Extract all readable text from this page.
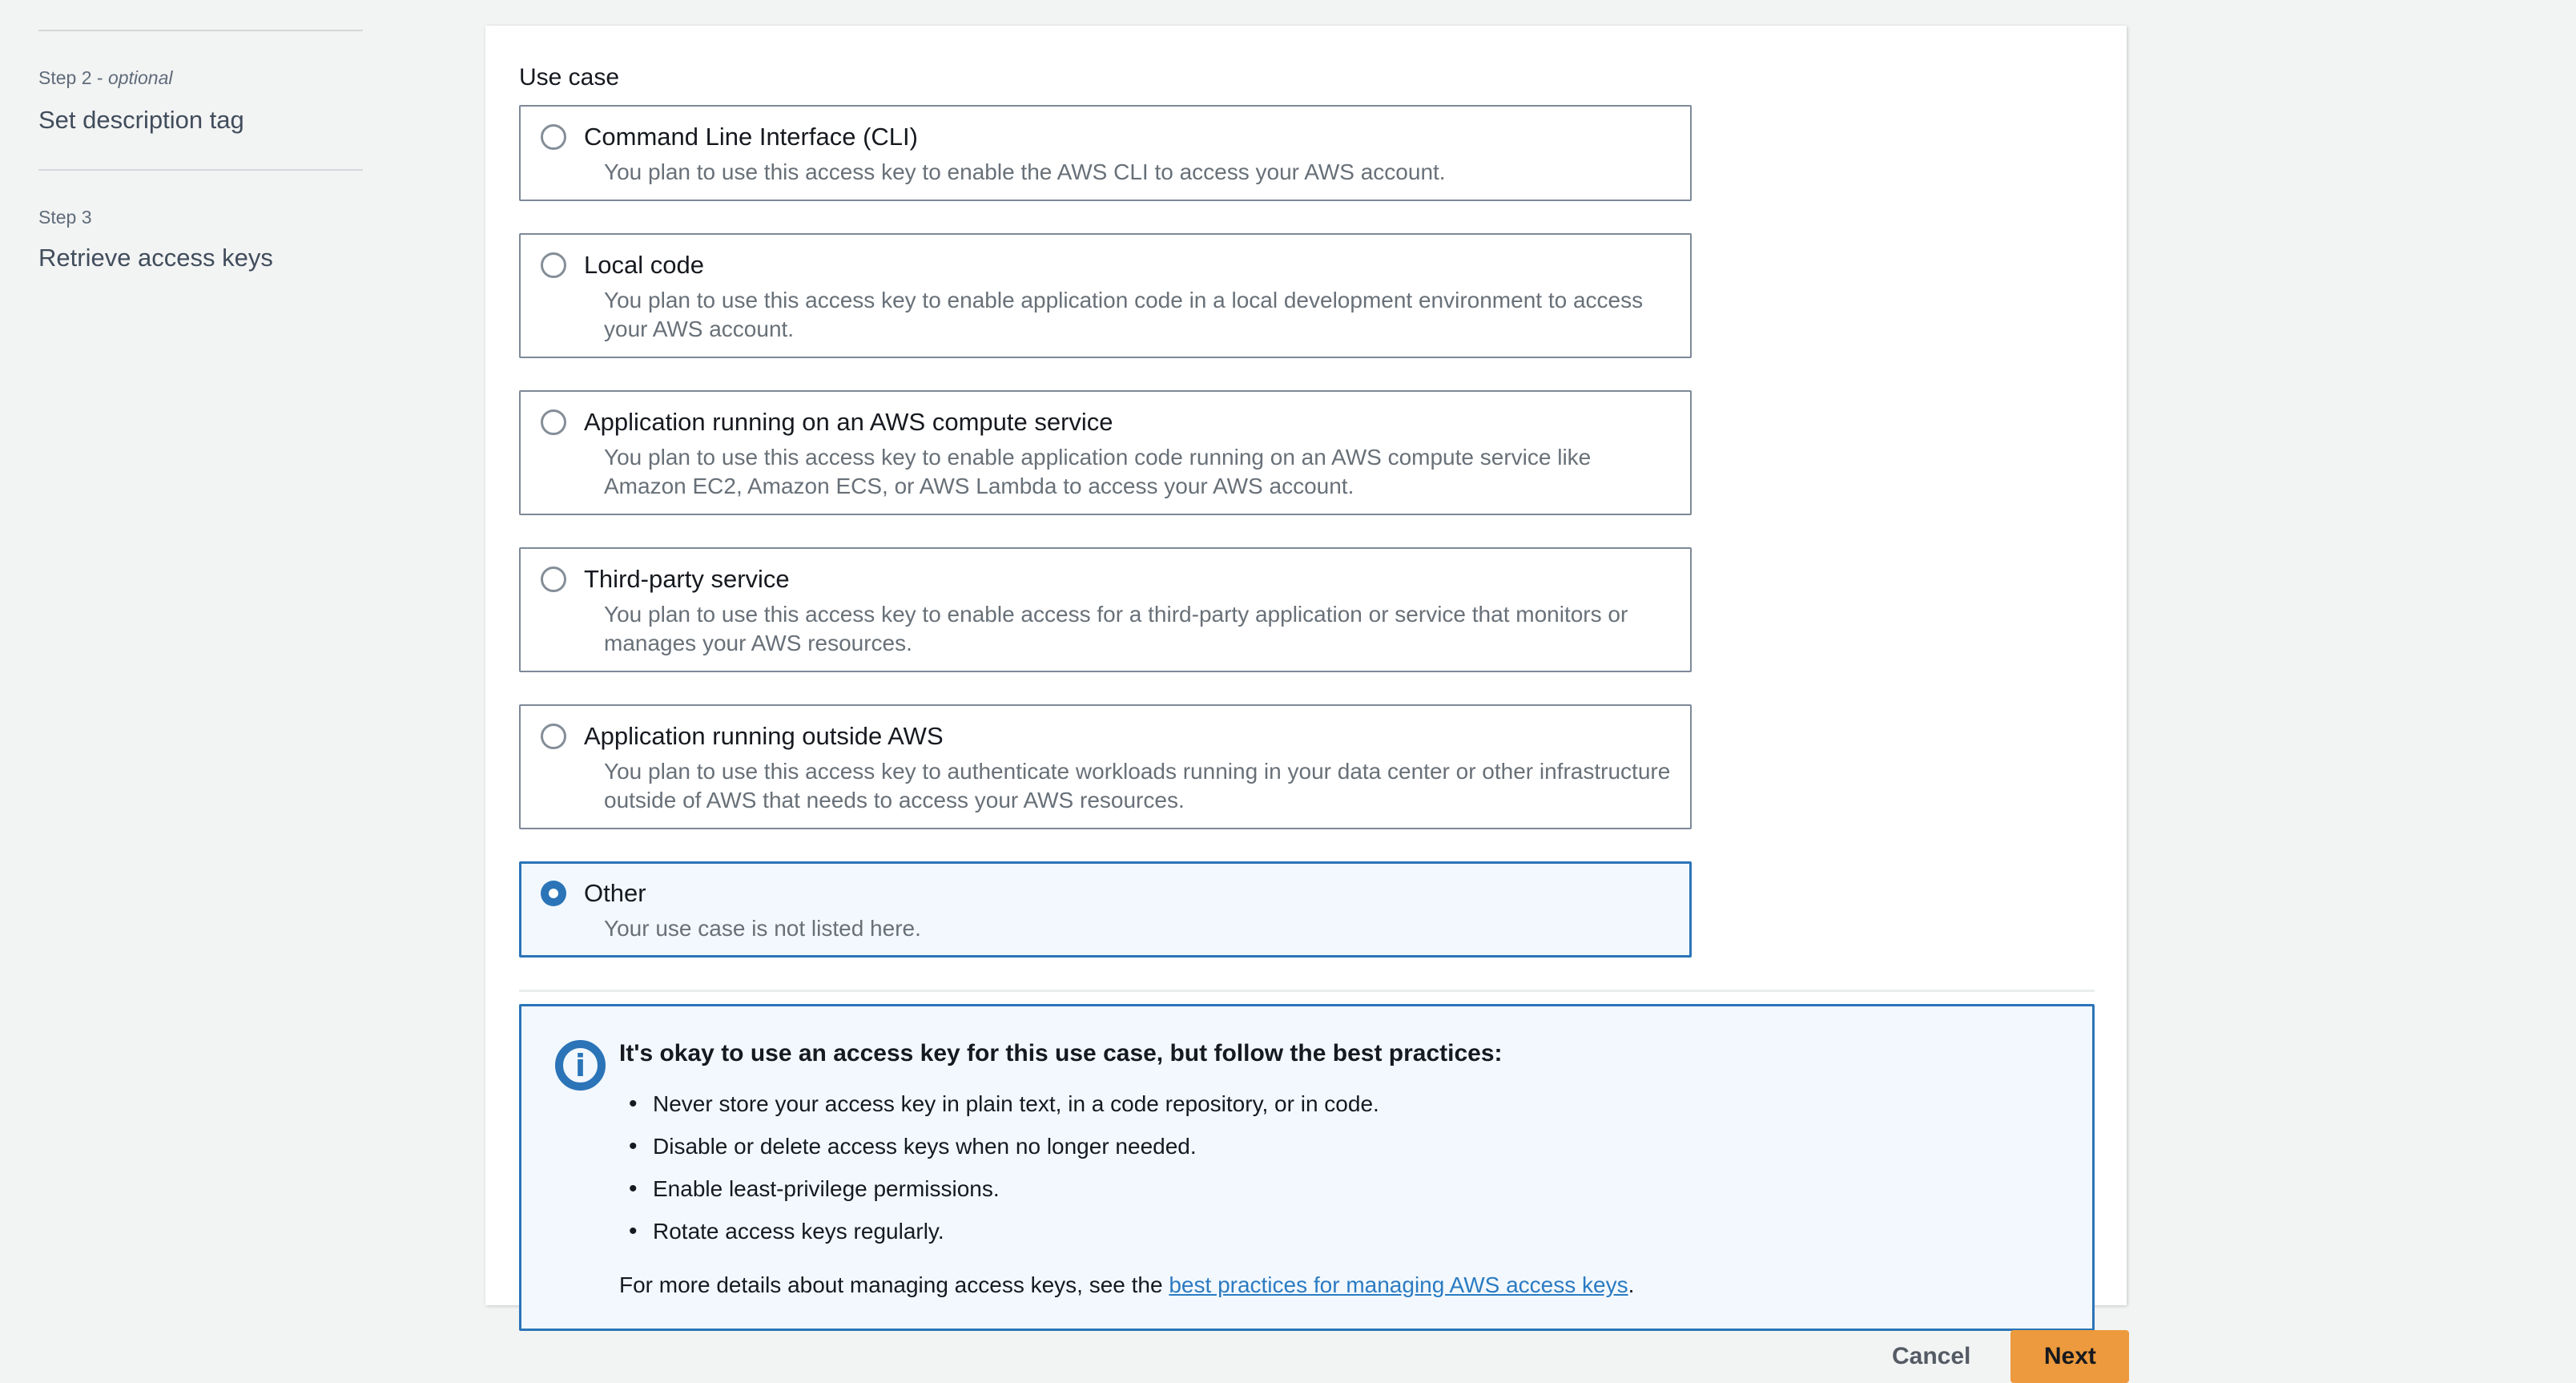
Step 2 - optional
Set description tag
Step 3
Retrieve access keys
Use case
Command Line Interface (CLI)
You plan to use this access key to enable the AWS CLI to access your AWS account.
Local code
You plan to use this access key to enable application code in a local development environment to access your AWS account.
Application running on an AWS compute service
You plan to use this access key to enable application code running on an AWS compute service like Amazon EC2, Amazon ECS, or AWS Lambda to access your AWS account.
Third-party service
You plan to use this access key to enable access for a third-party application or service that monitors or manages your AWS resources.
Application running outside AWS
You plan to use this access key to authenticate workloads running in your data center or other infrastructure outside of AWS that needs to access your AWS resources.
Other
Your use case is not listed here.
i	It's okay to use an access key for this use case, but follow the best practices:
• Never store your access key in plain text, in a code repository, or in code.
• Disable or delete access keys when no longer needed.
• Enable least-privilege permissions.
• Rotate access keys regularly.
For more details about managing access keys, see the best practices for managing AWS access keys.
Cancel	Next
